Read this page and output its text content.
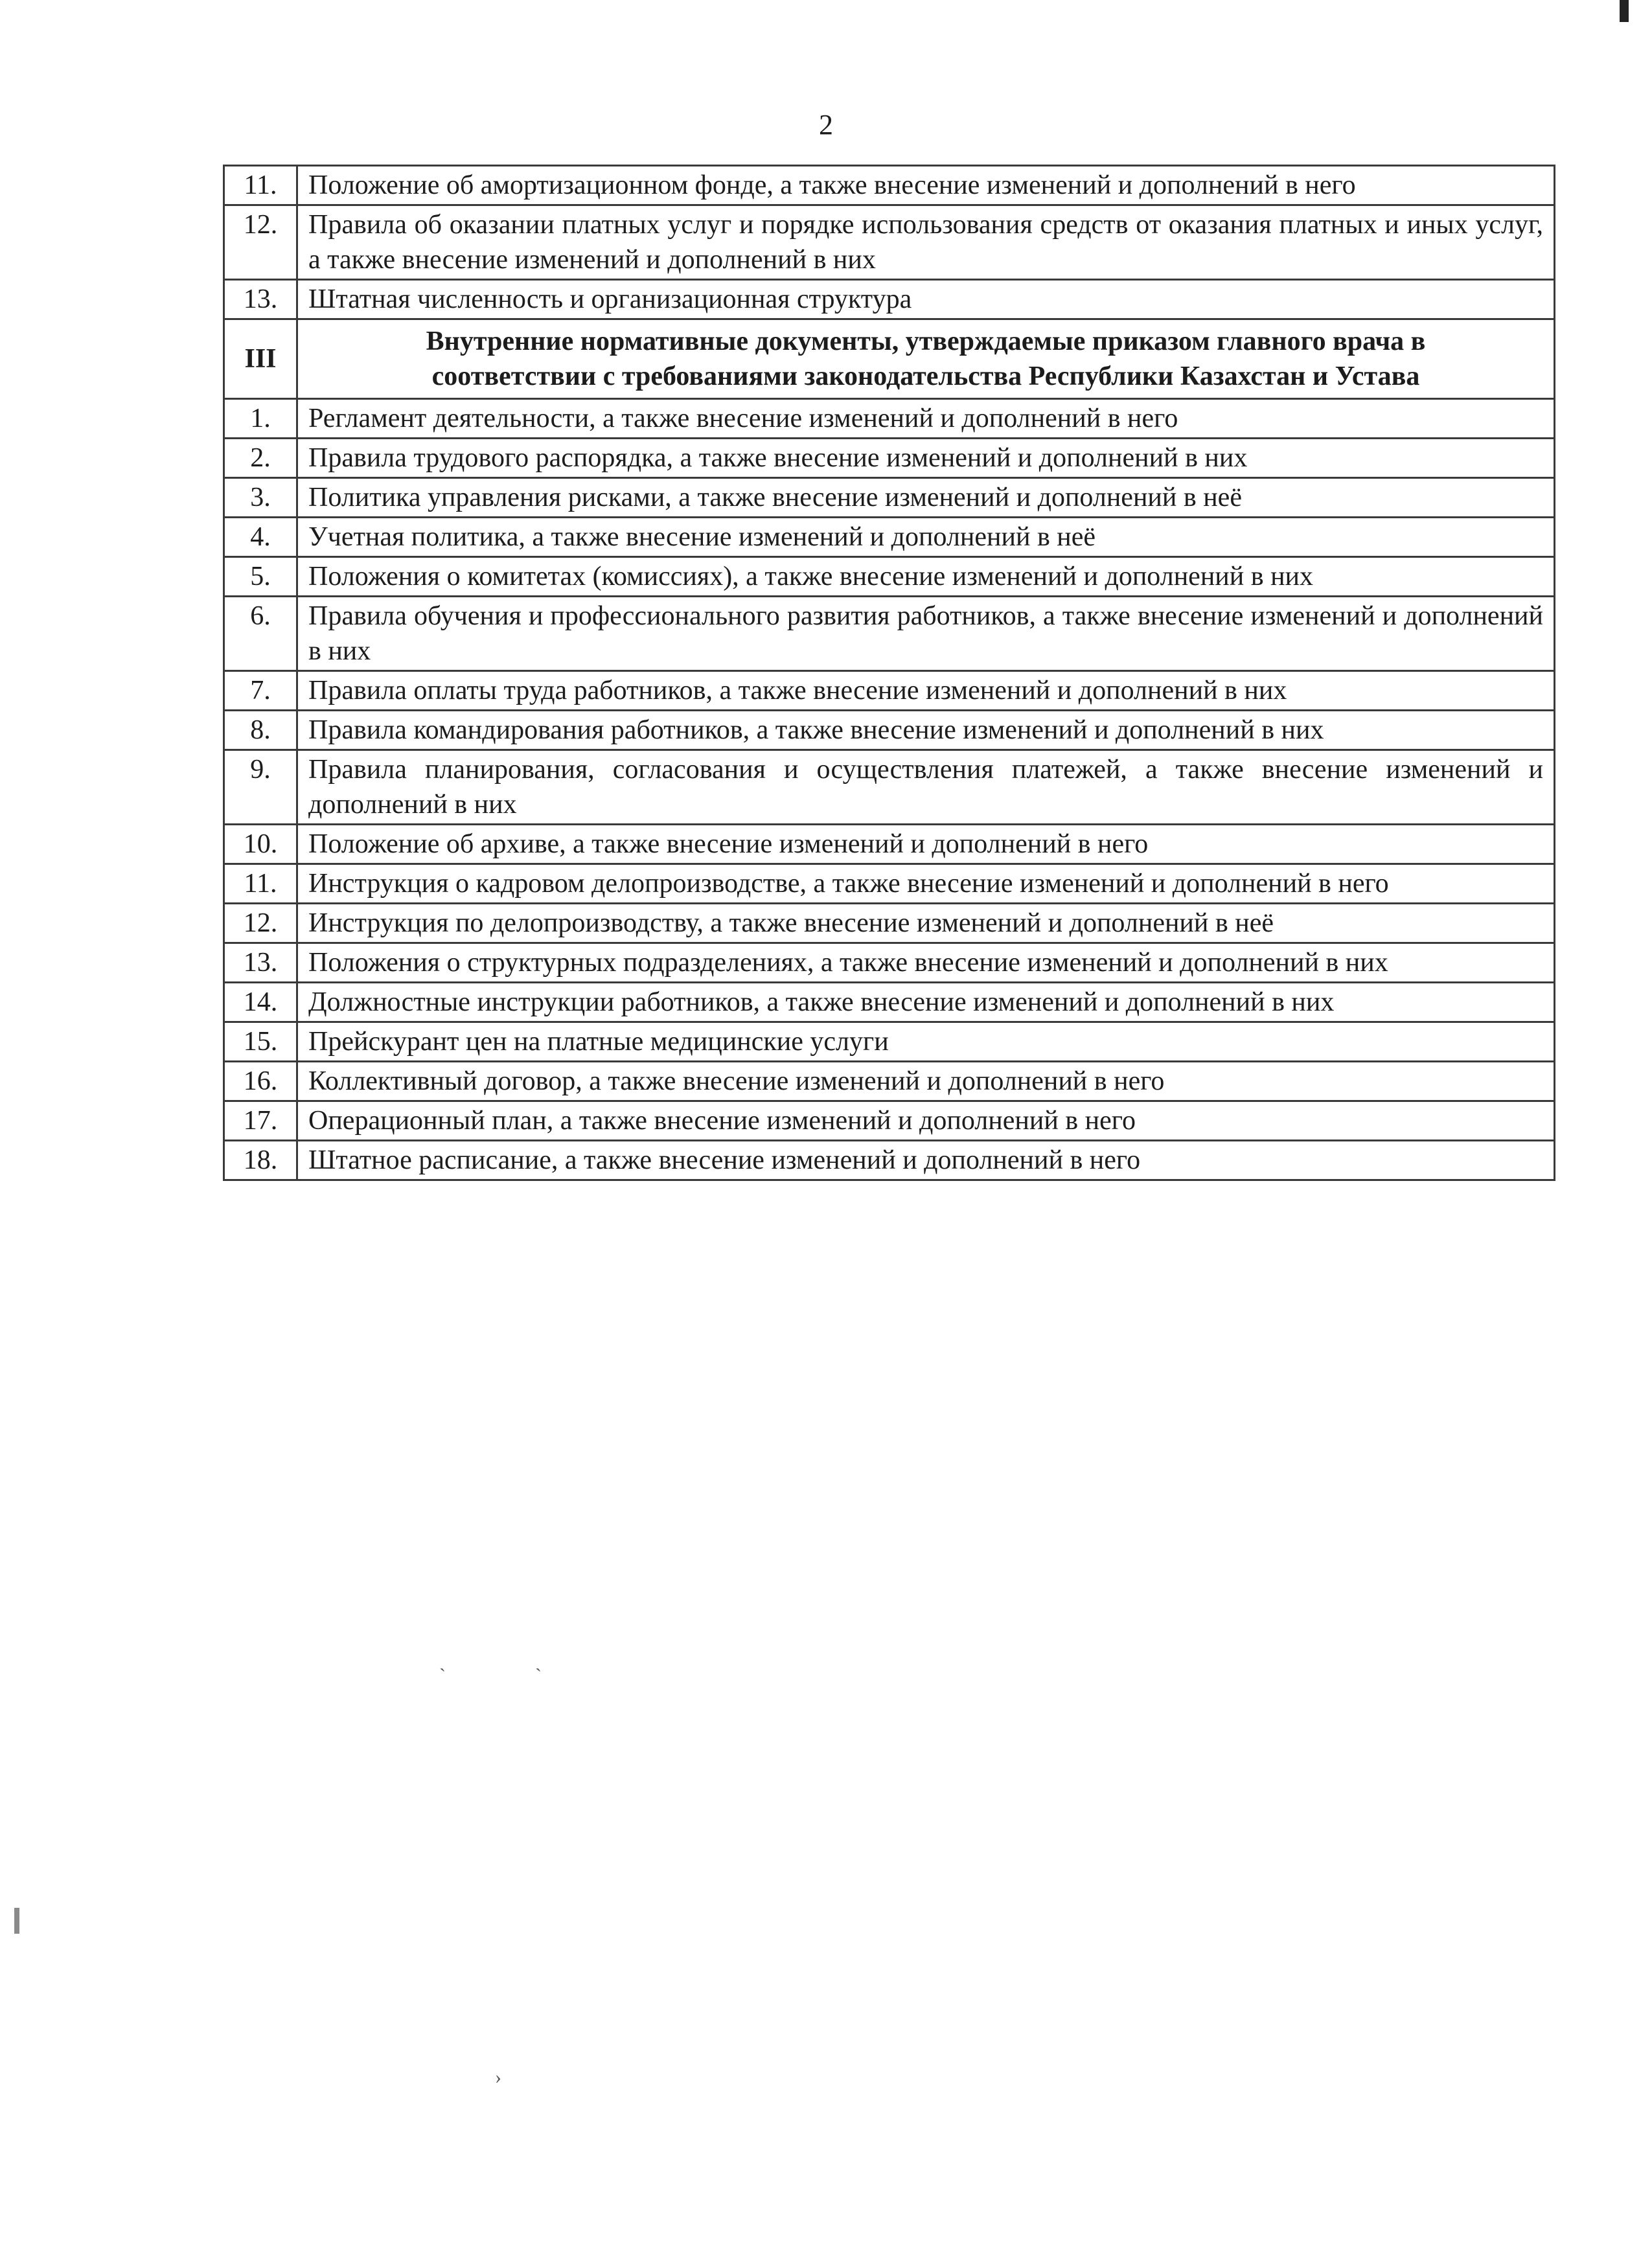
2
11.	Положение об амортизационном фонде, а также внесение изменений и дополнений в него
12.	Правила об оказании платных услуг и порядке использования средств от оказания платных и иных услуг, а также внесение изменений и дополнений в них
13.	Штатная численность и организационная структура
III	Внутренние нормативные документы, утверждаемые приказом главного врача в
соответствии с требованиями законодательства Республики Казахстан и Устава
1.	Регламент деятельности, а также внесение изменений и дополнений в него
2.	Правила трудового распорядка, а также внесение изменений и дополнений в них
3.	Политика управления рисками, а также внесение изменений и дополнений в неё
4.	Учетная политика, а также внесение изменений и дополнений в неё
5.	Положения о комитетах (комиссиях), а также внесение изменений и дополнений в них
6.	Правила обучения и профессионального развития работников, а также внесение изменений и дополнений в них
7.	Правила оплаты труда работников, а также внесение изменений и дополнений в них
8.	Правила командирования работников, а также внесение изменений и дополнений в них
9.	Правила планирования, согласования и осуществления платежей, а также внесение изменений и дополнений в них
10.	Положение об архиве, а также внесение изменений и дополнений в него
11.	Инструкция о кадровом делопроизводстве, а также внесение изменений и дополнений в него
12.	Инструкция по делопроизводству, а также внесение изменений и дополнений в неё
13.	Положения о структурных подразделениях, а также внесение изменений и дополнений в них
14.	Должностные инструкции работников, а также внесение изменений и дополнений в них
15.	Прейскурант цен на платные медицинские услуги
16.	Коллективный договор, а также внесение изменений и дополнений в него
17.	Операционный план, а также внесение изменений и дополнений в него
18.	Штатное расписание, а также внесение изменений и дополнений в него
`	`
›
